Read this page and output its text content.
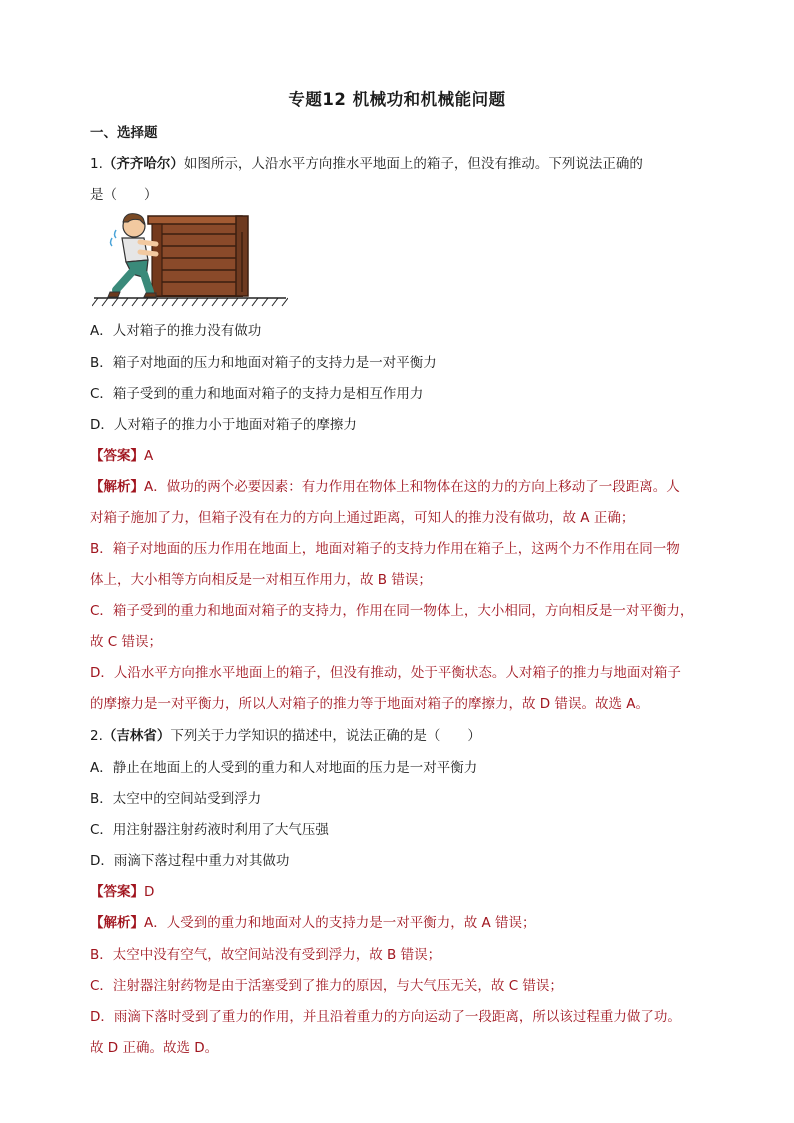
专题12 机械功和机械能问题
一、选择题
1.（齐齐哈尔）如图所示，人沿水平方向推水平地面上的箱子，但没有推动。下列说法正确的
是（　　）
A．人对箱子的推力没有做功
B．箱子对地面的压力和地面对箱子的支持力是一对平衡力
C．箱子受到的重力和地面对箱子的支持力是相互作用力
D．人对箱子的推力小于地面对箱子的摩擦力
【答案】A
【解析】A．做功的两个必要因素：有力作用在物体上和物体在这的力的方向上移动了一段距离。人
对箱子施加了力，但箱子没有在力的方向上通过距离，可知人的推力没有做功，故 A 正确；
B．箱子对地面的压力作用在地面上，地面对箱子的支持力作用在箱子上，这两个力不作用在同一物
体上，大小相等方向相反是一对相互作用力，故 B 错误；
C．箱子受到的重力和地面对箱子的支持力，作用在同一物体上，大小相同，方向相反是一对平衡力，
故 C 错误；
D．人沿水平方向推水平地面上的箱子，但没有推动，处于平衡状态。人对箱子的推力与地面对箱子
的摩擦力是一对平衡力，所以人对箱子的推力等于地面对箱子的摩擦力，故 D 错误。故选 A。
2.（吉林省）下列关于力学知识的描述中，说法正确的是（　　）
A．静止在地面上的人受到的重力和人对地面的压力是一对平衡力
B．太空中的空间站受到浮力
C．用注射器注射药液时利用了大气压强
D．雨滴下落过程中重力对其做功
【答案】D
【解析】A．人受到的重力和地面对人的支持力是一对平衡力，故 A 错误；
B．太空中没有空气，故空间站没有受到浮力，故 B 错误；
C．注射器注射药物是由于活塞受到了推力的原因，与大气压无关，故 C 错误；
D．雨滴下落时受到了重力的作用，并且沿着重力的方向运动了一段距离，所以该过程重力做了功。
故 D 正确。故选 D。
